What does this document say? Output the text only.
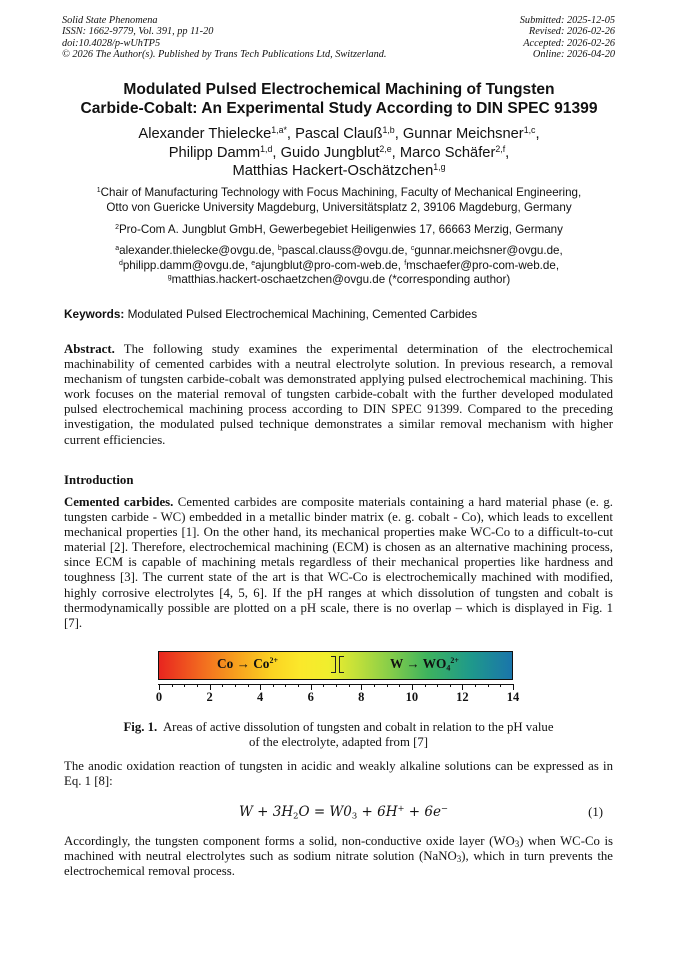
Solid State Phenomena
ISSN: 1662-9779, Vol. 391, pp 11-20
doi:10.4028/p-wUhTP5
© 2026 The Author(s). Published by Trans Tech Publications Ltd, Switzerland.
Submitted: 2025-12-05
Revised: 2026-02-26
Accepted: 2026-02-26
Online: 2026-04-20
Modulated Pulsed Electrochemical Machining of Tungsten
Carbide-Cobalt: An Experimental Study According to DIN SPEC 91399
Alexander Thielecke$^{1,a*}$, Pascal Clauß$^{1,b}$, Gunnar Meichsner$^{1,c}$,
Philipp Damm$^{1,d}$, Guido Jungblut$^{2,e}$, Marco Schäfer$^{2,f}$,
Matthias Hackert-Oschätzchen$^{1,g}$
$^1$Chair of Manufacturing Technology with Focus Machining, Faculty of Mechanical Engineering,
Otto von Guericke University Magdeburg, Universitätsplatz 2, 39106 Magdeburg, Germany
$^2$Pro-Com A. Jungblut GmbH, Gewerbegebiet Heiligenwies 17, 66663 Merzig, Germany
$^a$alexander.thielecke@ovgu.de, $^b$pascal.clauss@ovgu.de, $^c$gunnar.meichsner@ovgu.de,
$^d$philipp.damm@ovgu.de, $^e$ajungblut@pro-com-web.de, $^f$mschaefer@pro-com-web.de,
$^g$matthias.hackert-oschaetzchen@ovgu.de (*corresponding author)
Keywords: Modulated Pulsed Electrochemical Machining, Cemented Carbides
Abstract. The following study examines the experimental determination of the electrochemical machinability of cemented carbides with a neutral electrolyte solution. In previous research, a removal mechanism of tungsten carbide-cobalt was demonstrated applying pulsed electrochemical machining. This work focuses on the material removal of tungsten carbide-cobalt with the further developed modulated pulsed electrochemical machining process according to DIN SPEC 91399. Compared to the preceding investigation, the modulated pulsed technique demonstrates a similar removal mechanism with higher current efficiencies.
Introduction
Cemented carbides. Cemented carbides are composite materials containing a hard material phase (e. g. tungsten carbide - WC) embedded in a metallic binder matrix (e. g. cobalt - Co), which leads to excellent mechanical properties [1]. On the other hand, its mechanical properties make WC-Co to a difficult-to-cut material [2]. Therefore, electrochemical machining (ECM) is chosen as an alternative machining process, since ECM is capable of machining metals regardless of their mechanical properties like hardness and toughness [3]. The current state of the art is that WC-Co is electrochemically machined with modified, highly corrosive electrolytes [4, 5, 6]. If the pH ranges at which dissolution of tungsten and cobalt is thermodynamically possible are plotted on a pH scale, there is no overlap – which is displayed in Fig. 1 [7].
$Co \to Co^{2+}$	$W \to WO_4^{2+}$
0	2	4	6	8	10	12	14
Fig. 1.  Areas of active dissolution of tungsten and cobalt in relation to the pH value
of the electrolyte, adapted from [7]
The anodic oxidation reaction of tungsten in acidic and weakly alkaline solutions can be expressed as in Eq. 1 [8]:
$W + 3H_2O = W0_3 + 6H^+ + 6e^-$	(1)
Accordingly, the tungsten component forms a solid, non-conductive oxide layer $(WO_3)$ when WC-Co is machined with neutral electrolytes such as sodium nitrate solution (NaNO$_3$), which in turn prevents the electrochemical removal process.
